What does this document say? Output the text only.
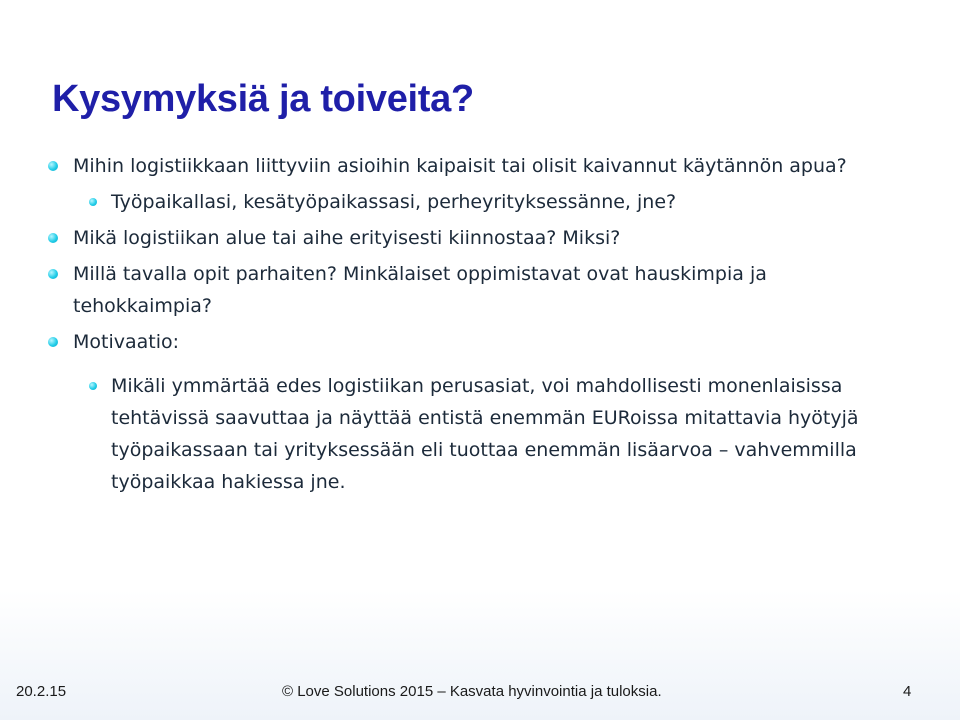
Kysymyksiä ja toiveita?
Mihin logistiikkaan liittyviin asioihin kaipaisit tai olisit kaivannut käytännön apua?
Työpaikallasi, kesätyöpaikassasi, perheyrityksessänne, jne?
Mikä logistiikan alue tai aihe erityisesti kiinnostaa? Miksi?
Millä tavalla opit parhaiten? Minkälaiset oppimistavat ovat hauskimpia ja tehokkaimpia?
Motivaatio:
Mikäli ymmärtää edes logistiikan perusasiat, voi mahdollisesti monenlaisissa tehtävissä saavuttaa ja näyttää entistä enemmän EURoissa mitattavia hyötyjä työpaikassaan tai yrityksessään eli tuottaa enemmän lisäarvoa – vahvemmilla työpaikkaa hakiessa jne.
20.2.15	© Love Solutions 2015 – Kasvata hyvinvointia ja tuloksia.	4
